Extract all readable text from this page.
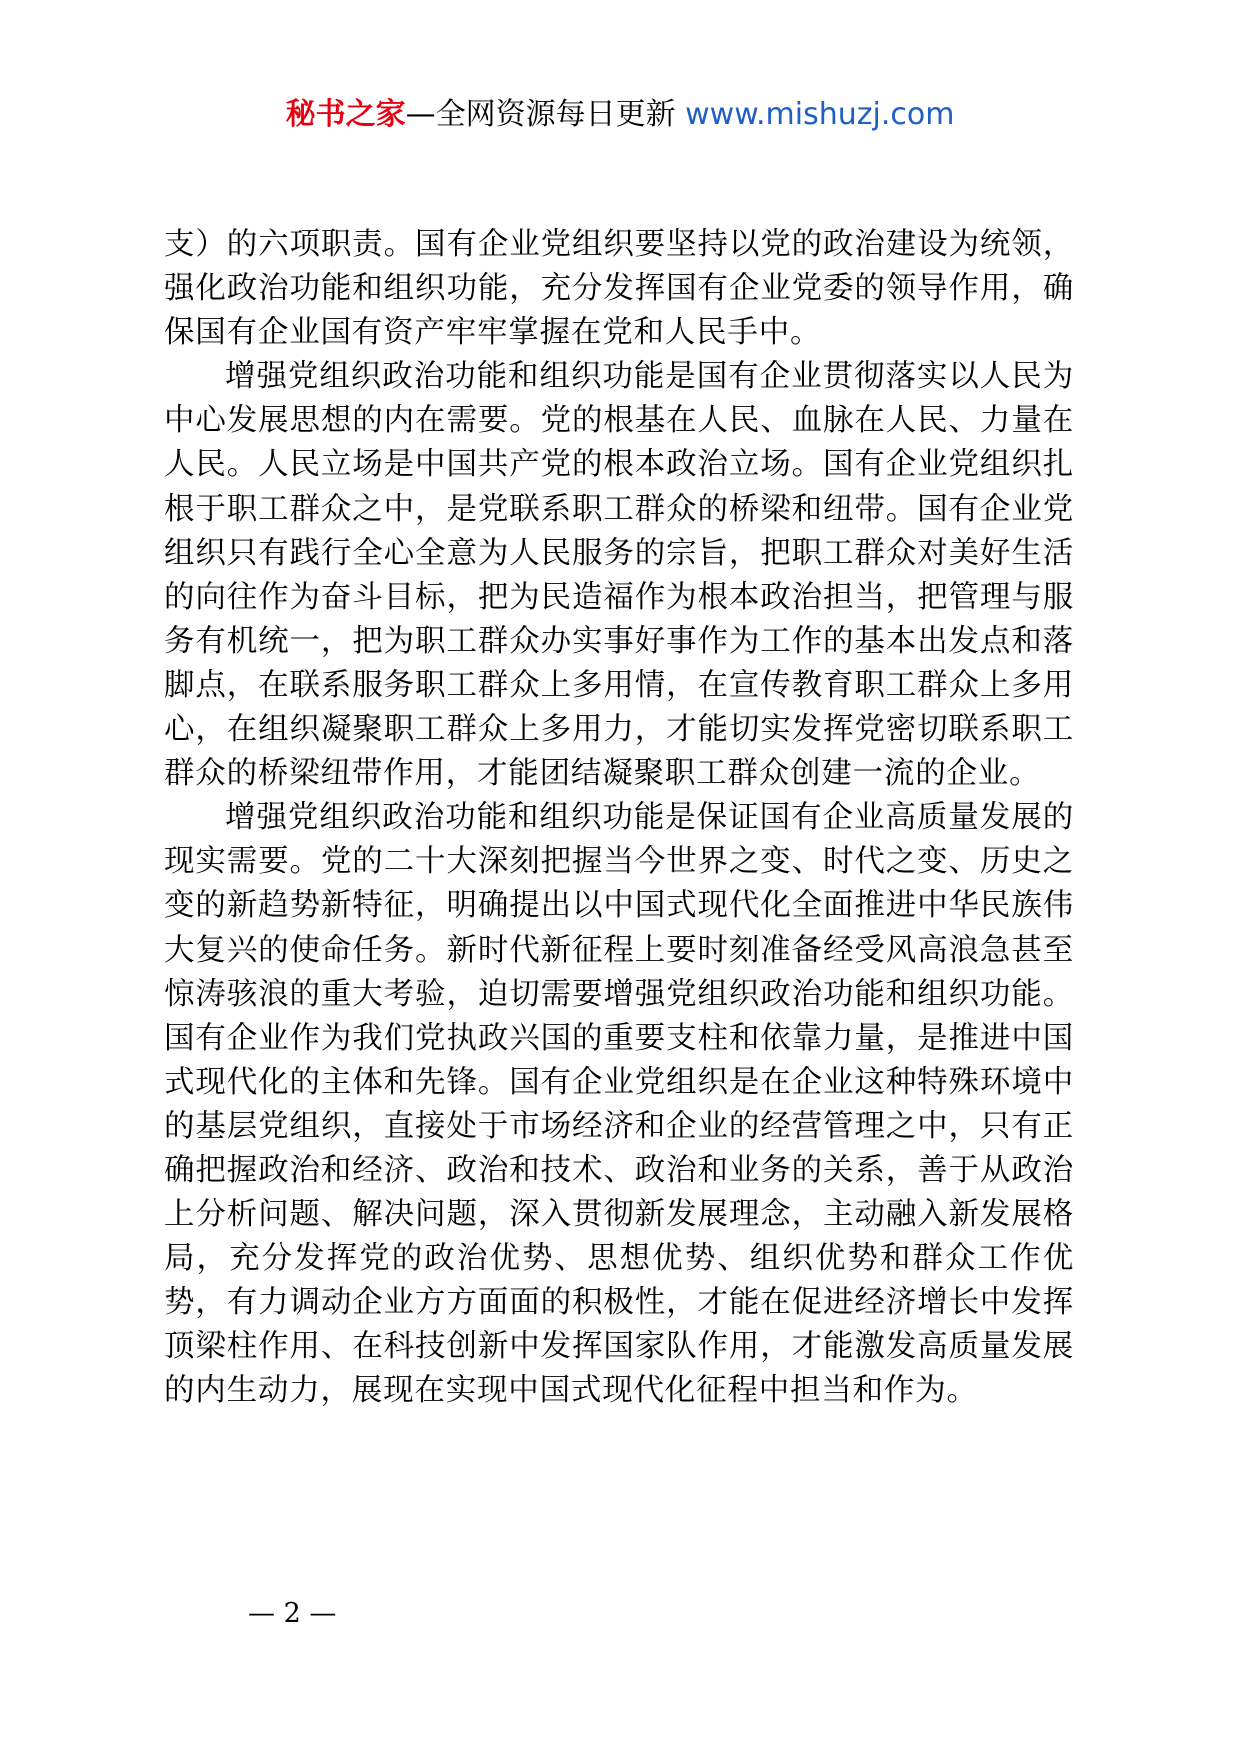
秘书之家—全网资源每日更新 www.mishuzj.com

支）的六项职责。国有企业党组织要坚持以党的政治建设为统领，强化政治功能和组织功能，充分发挥国有企业党委的领导作用，确保国有企业国有资产牢牢掌握在党和人民手中。

增强党组织政治功能和组织功能是国有企业贯彻落实以人民为中心发展思想的内在需要。党的根基在人民、血脉在人民、力量在人民。人民立场是中国共产党的根本政治立场。国有企业党组织扎根于职工群众之中，是党联系职工群众的桥梁和纽带。国有企业党组织只有践行全心全意为人民服务的宗旨，把职工群众对美好生活的向往作为奋斗目标，把为民造福作为根本政治担当，把管理与服务有机统一，把为职工群众办实事好事作为工作的基本出发点和落脚点，在联系服务职工群众上多用情，在宣传教育职工群众上多用心，在组织凝聚职工群众上多用力，才能切实发挥党密切联系职工群众的桥梁纽带作用，才能团结凝聚职工群众创建一流的企业。

增强党组织政治功能和组织功能是保证国有企业高质量发展的现实需要。党的二十大深刻把握当今世界之变、时代之变、历史之变的新趋势新特征，明确提出以中国式现代化全面推进中华民族伟大复兴的使命任务。新时代新征程上要时刻准备经受风高浪急甚至惊涛骇浪的重大考验，迫切需要增强党组织政治功能和组织功能。国有企业作为我们党执政兴国的重要支柱和依靠力量，是推进中国式现代化的主体和先锋。国有企业党组织是在企业这种特殊环境中的基层党组织，直接处于市场经济和企业的经营管理之中，只有正确把握政治和经济、政治和技术、政治和业务的关系，善于从政治上分析问题、解决问题，深入贯彻新发展理念，主动融入新发展格局，充分发挥党的政治优势、思想优势、组织优势和群众工作优势，有力调动企业方方面面的积极性，才能在促进经济增长中发挥顶梁柱作用、在科技创新中发挥国家队作用，才能激发高质量发展的内生动力，展现在实现中国式现代化征程中担当和作为。

— 2 —
